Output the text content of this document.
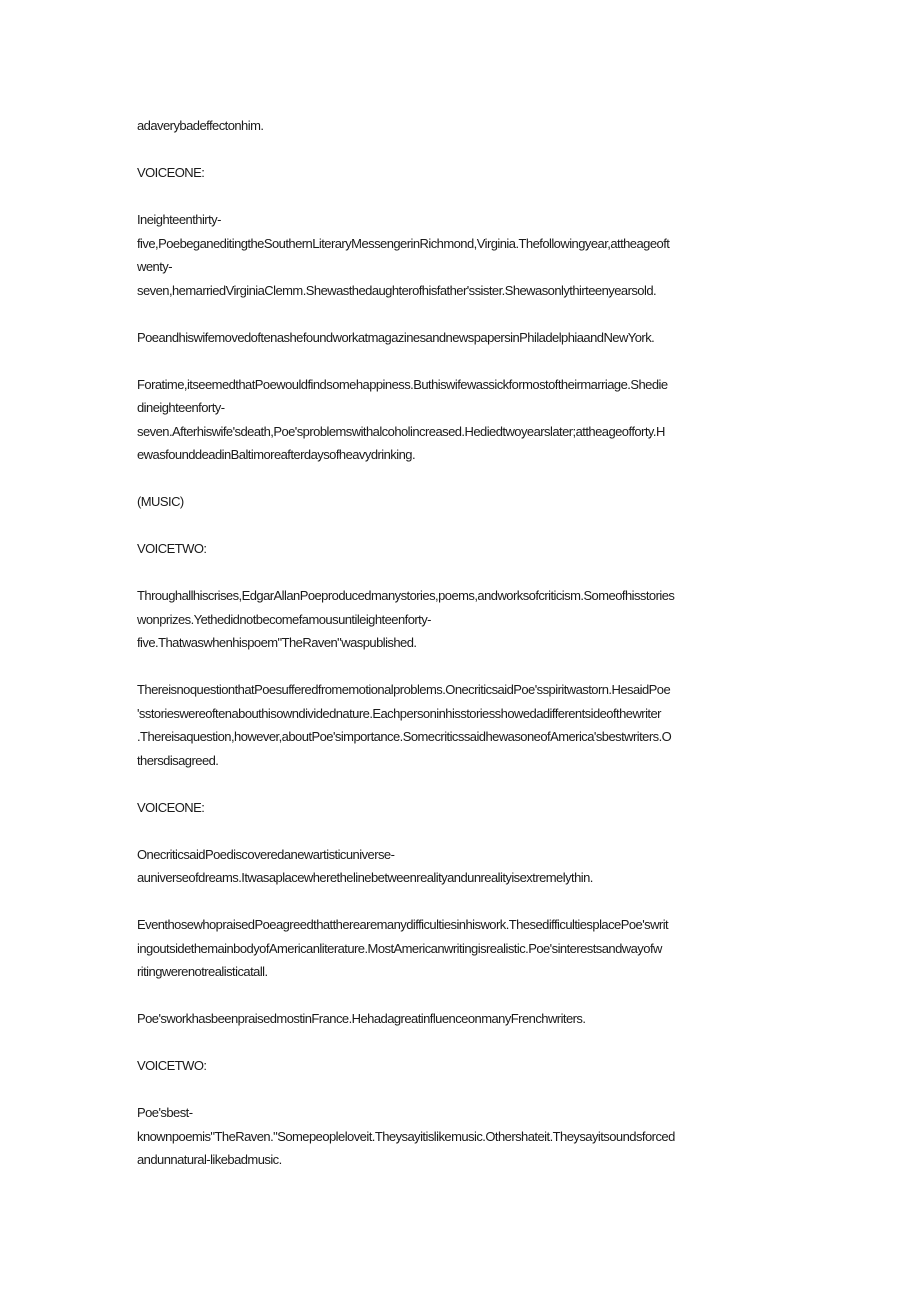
adaverybadeffectonhim.
VOICEONE:
Ineighteenthirty-
five,PoebeganeditingtheSouthernLiteraryMessengerinRichmond,Virginia.Thefollowingyear,attheageoft
wenty-
seven,hemarriedVirginiaClemm.Shewasthedaughterofhisfather'ssister.Shewasonlythirteenyearsold.
PoeandhiswifemovedoftenashefoundworkatmagazinesandnewspapersinPhiladelphiaandNewYork.
Foratime,itseemedthatPoewouldfindsomehappiness.Buthiswifewassickformostoftheirmarriage.Shedie
dineighteenforty-
seven.Afterhiswife'sdeath,Poe'sproblemswithalcoholincreased.Hediedtwoyearslater;attheageofforty.H
ewasfounddeadinBaltimoreafterdaysofheavydrinking.
(MUSIC)
VOICETWO:
Throughallhiscrises,EdgarAllanPoeproducedmanystories,poems,andworksofcriticism.Someofhisstories
wonprizes.Yethedidnotbecomefamousuntileighteenforty-
five.Thatwaswhenhispoem"TheRaven"waspublished.
ThereisnoquestionthatPoesufferedfromemotionalproblems.OnecriticsaidPoe'sspiritwastorn.HesaidPoe
'sstorieswereoftenabouthisowndividednature.Eachpersoninhisstoriesshowedadifferentsideofthewriter
.Thereisaquestion,however,aboutPoe'simportance.SomecriticssaidhewasoneofAmerica'sbestwriters.O
thersdisagreed.
VOICEONE:
OnecriticsaidPoediscoveredanewartisticuniverse-
auniverseofdreams.Itwasaplacewherethelinebetweenrealityandunrealityisextremelythin.
EventhosewhopraisedPoeagreedthattherearemanydifficultiesinhiswork.ThesedifficultiesplacePoe'swrit
ingoutsidethemainbodyofAmericanliterature.MostAmericanwritingisrealistic.Poe'sinterestsandwayofw
ritingwerenotrealisticatall.
Poe'sworkhasbeenpraisedmostinFrance.HehadagreatinfluenceonmanyFrenchwriters.
VOICETWO:
Poe'sbest-
knownpoemis"TheRaven."Somepeopleloveit.Theysayitislikemusic.Othershateit.Theysayitsoundsforced
andunnatural-likebadmusic.
